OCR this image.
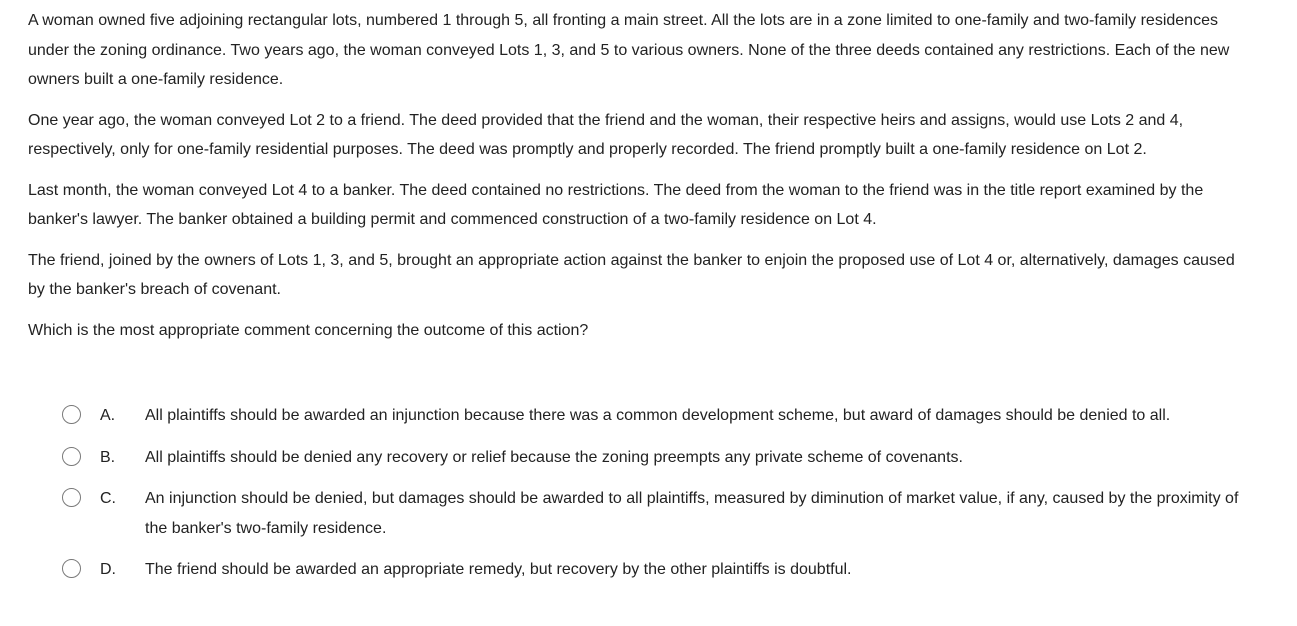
A woman owned five adjoining rectangular lots, numbered 1 through 5, all fronting a main street. All the lots are in a zone limited to one-family and two-family residences under the zoning ordinance. Two years ago, the woman conveyed Lots 1, 3, and 5 to various owners. None of the three deeds contained any restrictions. Each of the new owners built a one-family residence.

One year ago, the woman conveyed Lot 2 to a friend. The deed provided that the friend and the woman, their respective heirs and assigns, would use Lots 2 and 4, respectively, only for one-family residential purposes. The deed was promptly and properly recorded. The friend promptly built a one-family residence on Lot 2.

Last month, the woman conveyed Lot 4 to a banker. The deed contained no restrictions. The deed from the woman to the friend was in the title report examined by the banker's lawyer. The banker obtained a building permit and commenced construction of a two-family residence on Lot 4.

The friend, joined by the owners of Lots 1, 3, and 5, brought an appropriate action against the banker to enjoin the proposed use of Lot 4 or, alternatively, damages caused by the banker's breach of covenant.

Which is the most appropriate comment concerning the outcome of this action?

A. All plaintiffs should be awarded an injunction because there was a common development scheme, but award of damages should be denied to all.
B. All plaintiffs should be denied any recovery or relief because the zoning preempts any private scheme of covenants.
C. An injunction should be denied, but damages should be awarded to all plaintiffs, measured by diminution of market value, if any, caused by the proximity of the banker's two-family residence.
D. The friend should be awarded an appropriate remedy, but recovery by the other plaintiffs is doubtful.
